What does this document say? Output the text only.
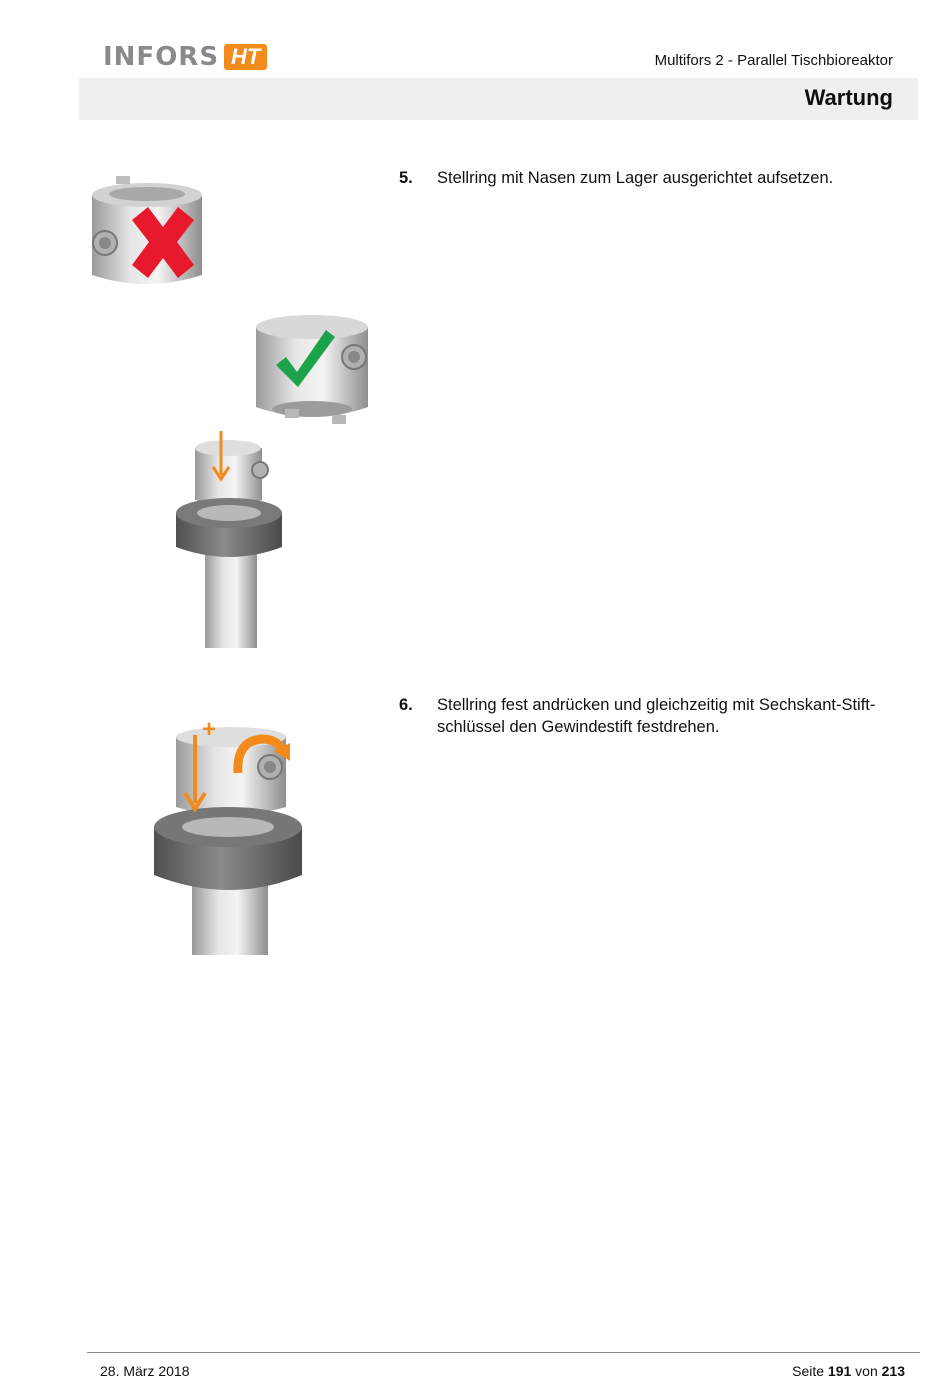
INFORS HT	Multifors 2 - Parallel Tischbioreaktor
Wartung
5. Stellring mit Nasen zum Lager ausgerichtet aufsetzen.
+
6. Stellring fest andrücken und gleichzeitig mit Sechskant-Stift-schlüssel den Gewindestift festdrehen.
28. März 2018	Seite 191 von 213
